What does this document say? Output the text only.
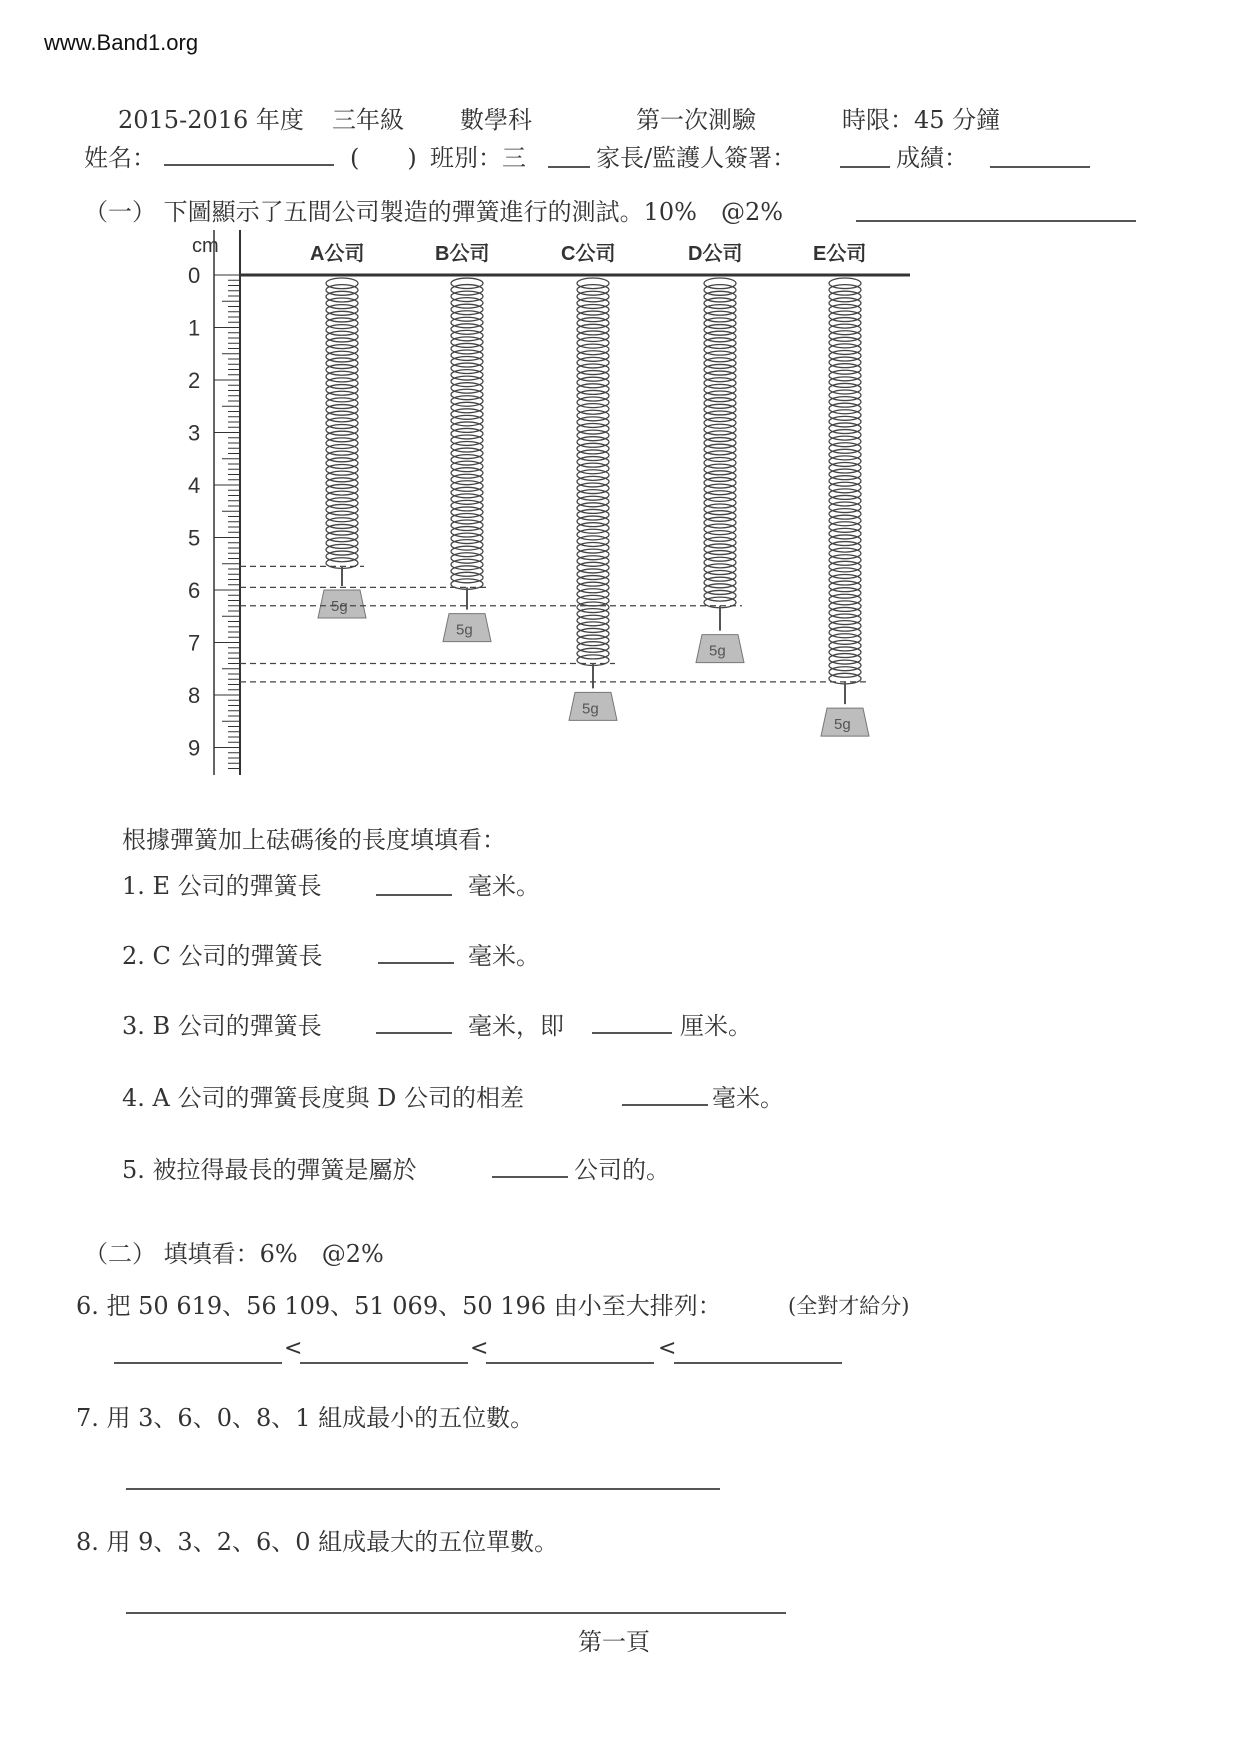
www.Band1.org
2015-2016 年度 三年級 數學科	第一次測驗	時限：45 分鐘
姓名：	(　　) 班別：三	家長/監護人簽署：	成績：
（一） 下圖顯示了五間公司製造的彈簧進行的測試。10%　@2%
cm
0
1
2
3
4
5
6
7
8
9
A公司
5g
B公司
5g
C公司
5g
D公司
5g
E公司
5g
根據彈簧加上砝碼後的長度填填看：
1. E 公司的彈簧長	毫米。
2. C 公司的彈簧長	毫米。
3. B 公司的彈簧長	毫米，即	厘米。
4. A 公司的彈簧長度與 D 公司的相差	毫米。
5. 被拉得最長的彈簧是屬於	公司的。
（二） 填填看：6%　@2%
6. 把 50 619、56 109、51 069、50 196 由小至大排列：	(全對才給分)
<	<	<
7. 用 3、6、0、8、1 組成最小的五位數。
8. 用 9、3、2、6、0 組成最大的五位單數。
第一頁
